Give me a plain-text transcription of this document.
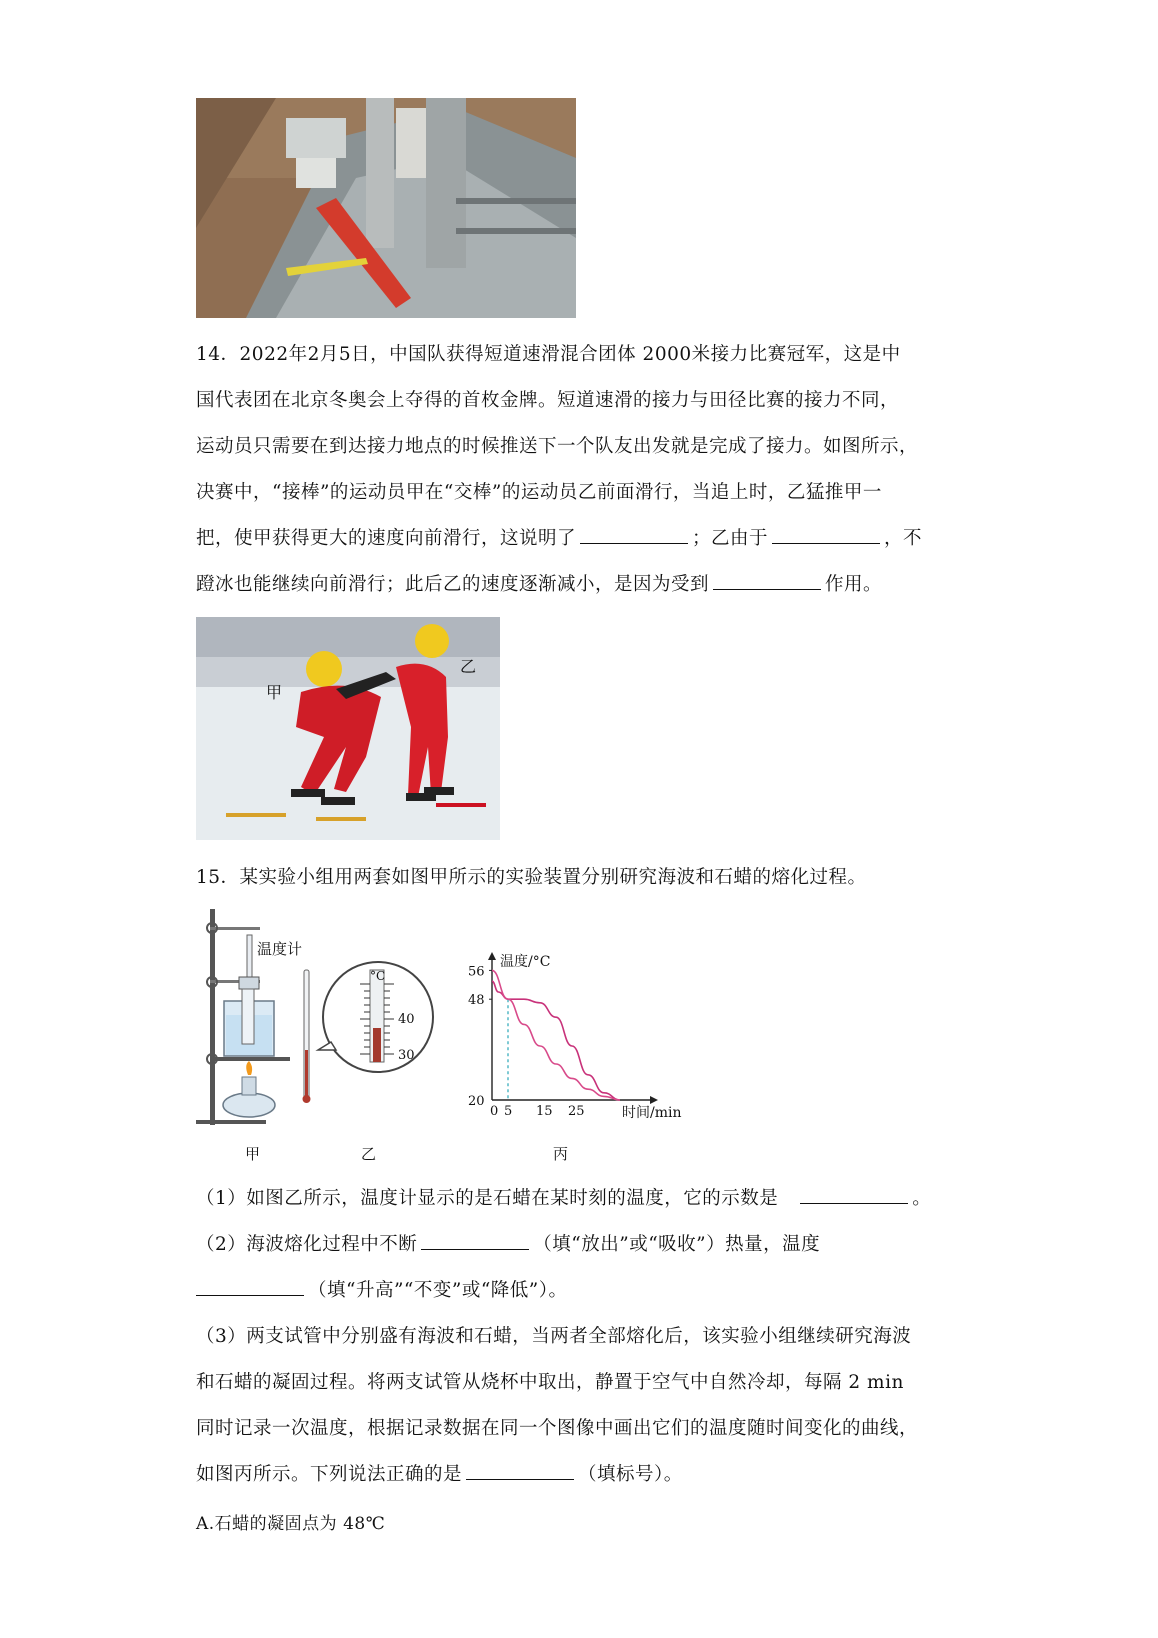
14．2022年2月5日，中国队获得短道速滑混合团体 2000米接力比赛冠军，这是中
国代表团在北京冬奥会上夺得的首枚金牌。短道速滑的接力与田径比赛的接力不同，
运动员只需要在到达接力地点的时候推送下一个队友出发就是完成了接力。如图所示，
决赛中，“接棒”的运动员甲在“交棒”的运动员乙前面滑行，当追上时，乙猛推甲一
把，使甲获得更大的速度向前滑行，这说明了	；乙由于	，不
蹬冰也能继续向前滑行；此后乙的速度逐渐减小，是因为受到	作用。
甲
乙
15．某实验小组用两套如图甲所示的实验装置分别研究海波和石蜡的熔化过程。
温度计
甲
°C
40
30
乙
56
48
20
0 5 15 25
温度/°C
时间/min
丙
（1）如图乙所示，温度计显示的是石蜡在某时刻的温度，它的示数是	。
（2）海波熔化过程中不断	（填“放出”或“吸收”）热量，温度
（填“升高”“不变”或“降低”）。
（3）两支试管中分别盛有海波和石蜡，当两者全部熔化后，该实验小组继续研究海波
和石蜡的凝固过程。将两支试管从烧杯中取出，静置于空气中自然冷却，每隔 2 min
同时记录一次温度，根据记录数据在同一个图像中画出它们的温度随时间变化的曲线，
如图丙所示。下列说法正确的是	（填标号）。
A.石蜡的凝固点为 48℃
